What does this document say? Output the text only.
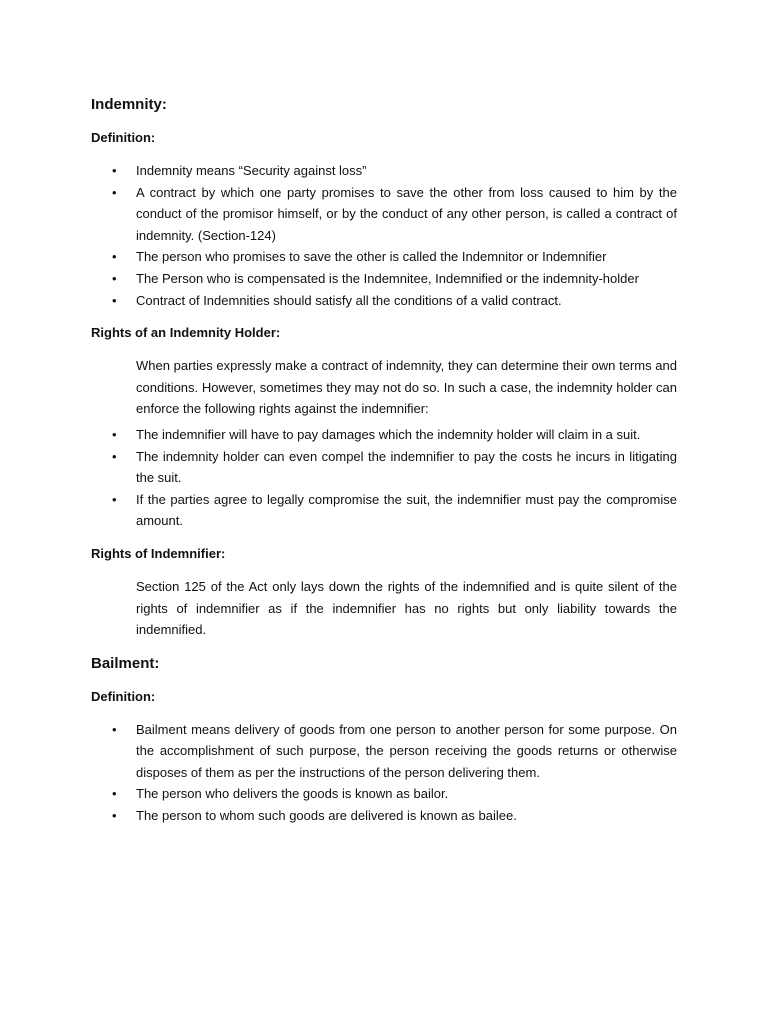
Indemnity:
Definition:
• Indemnity means “Security against loss”
• A contract by which one party promises to save the other from loss caused to him by the conduct of the promisor himself, or by the conduct of any other person, is called a contract of indemnity. (Section-124)
• The person who promises to save the other is called the Indemnitor or Indemnifier
• The Person who is compensated is the Indemnitee, Indemnified or the indemnity-holder
• Contract of Indemnities should satisfy all the conditions of a valid contract.
Rights of an Indemnity Holder:
When parties expressly make a contract of indemnity, they can determine their own terms and conditions. However, sometimes they may not do so. In such a case, the indemnity holder can enforce the following rights against the indemnifier:
• The indemnifier will have to pay damages which the indemnity holder will claim in a suit.
• The indemnity holder can even compel the indemnifier to pay the costs he incurs in litigating the suit.
• If the parties agree to legally compromise the suit, the indemnifier must pay the compromise amount.
Rights of Indemnifier:
Section 125 of the Act only lays down the rights of the indemnified and is quite silent of the rights of indemnifier as if the indemnifier has no rights but only liability towards the indemnified.
Bailment:
Definition:
• Bailment means delivery of goods from one person to another person for some purpose. On the accomplishment of such purpose, the person receiving the goods returns or otherwise disposes of them as per the instructions of the person delivering them.
• The person who delivers the goods is known as bailor.
• The person to whom such goods are delivered is known as bailee.
